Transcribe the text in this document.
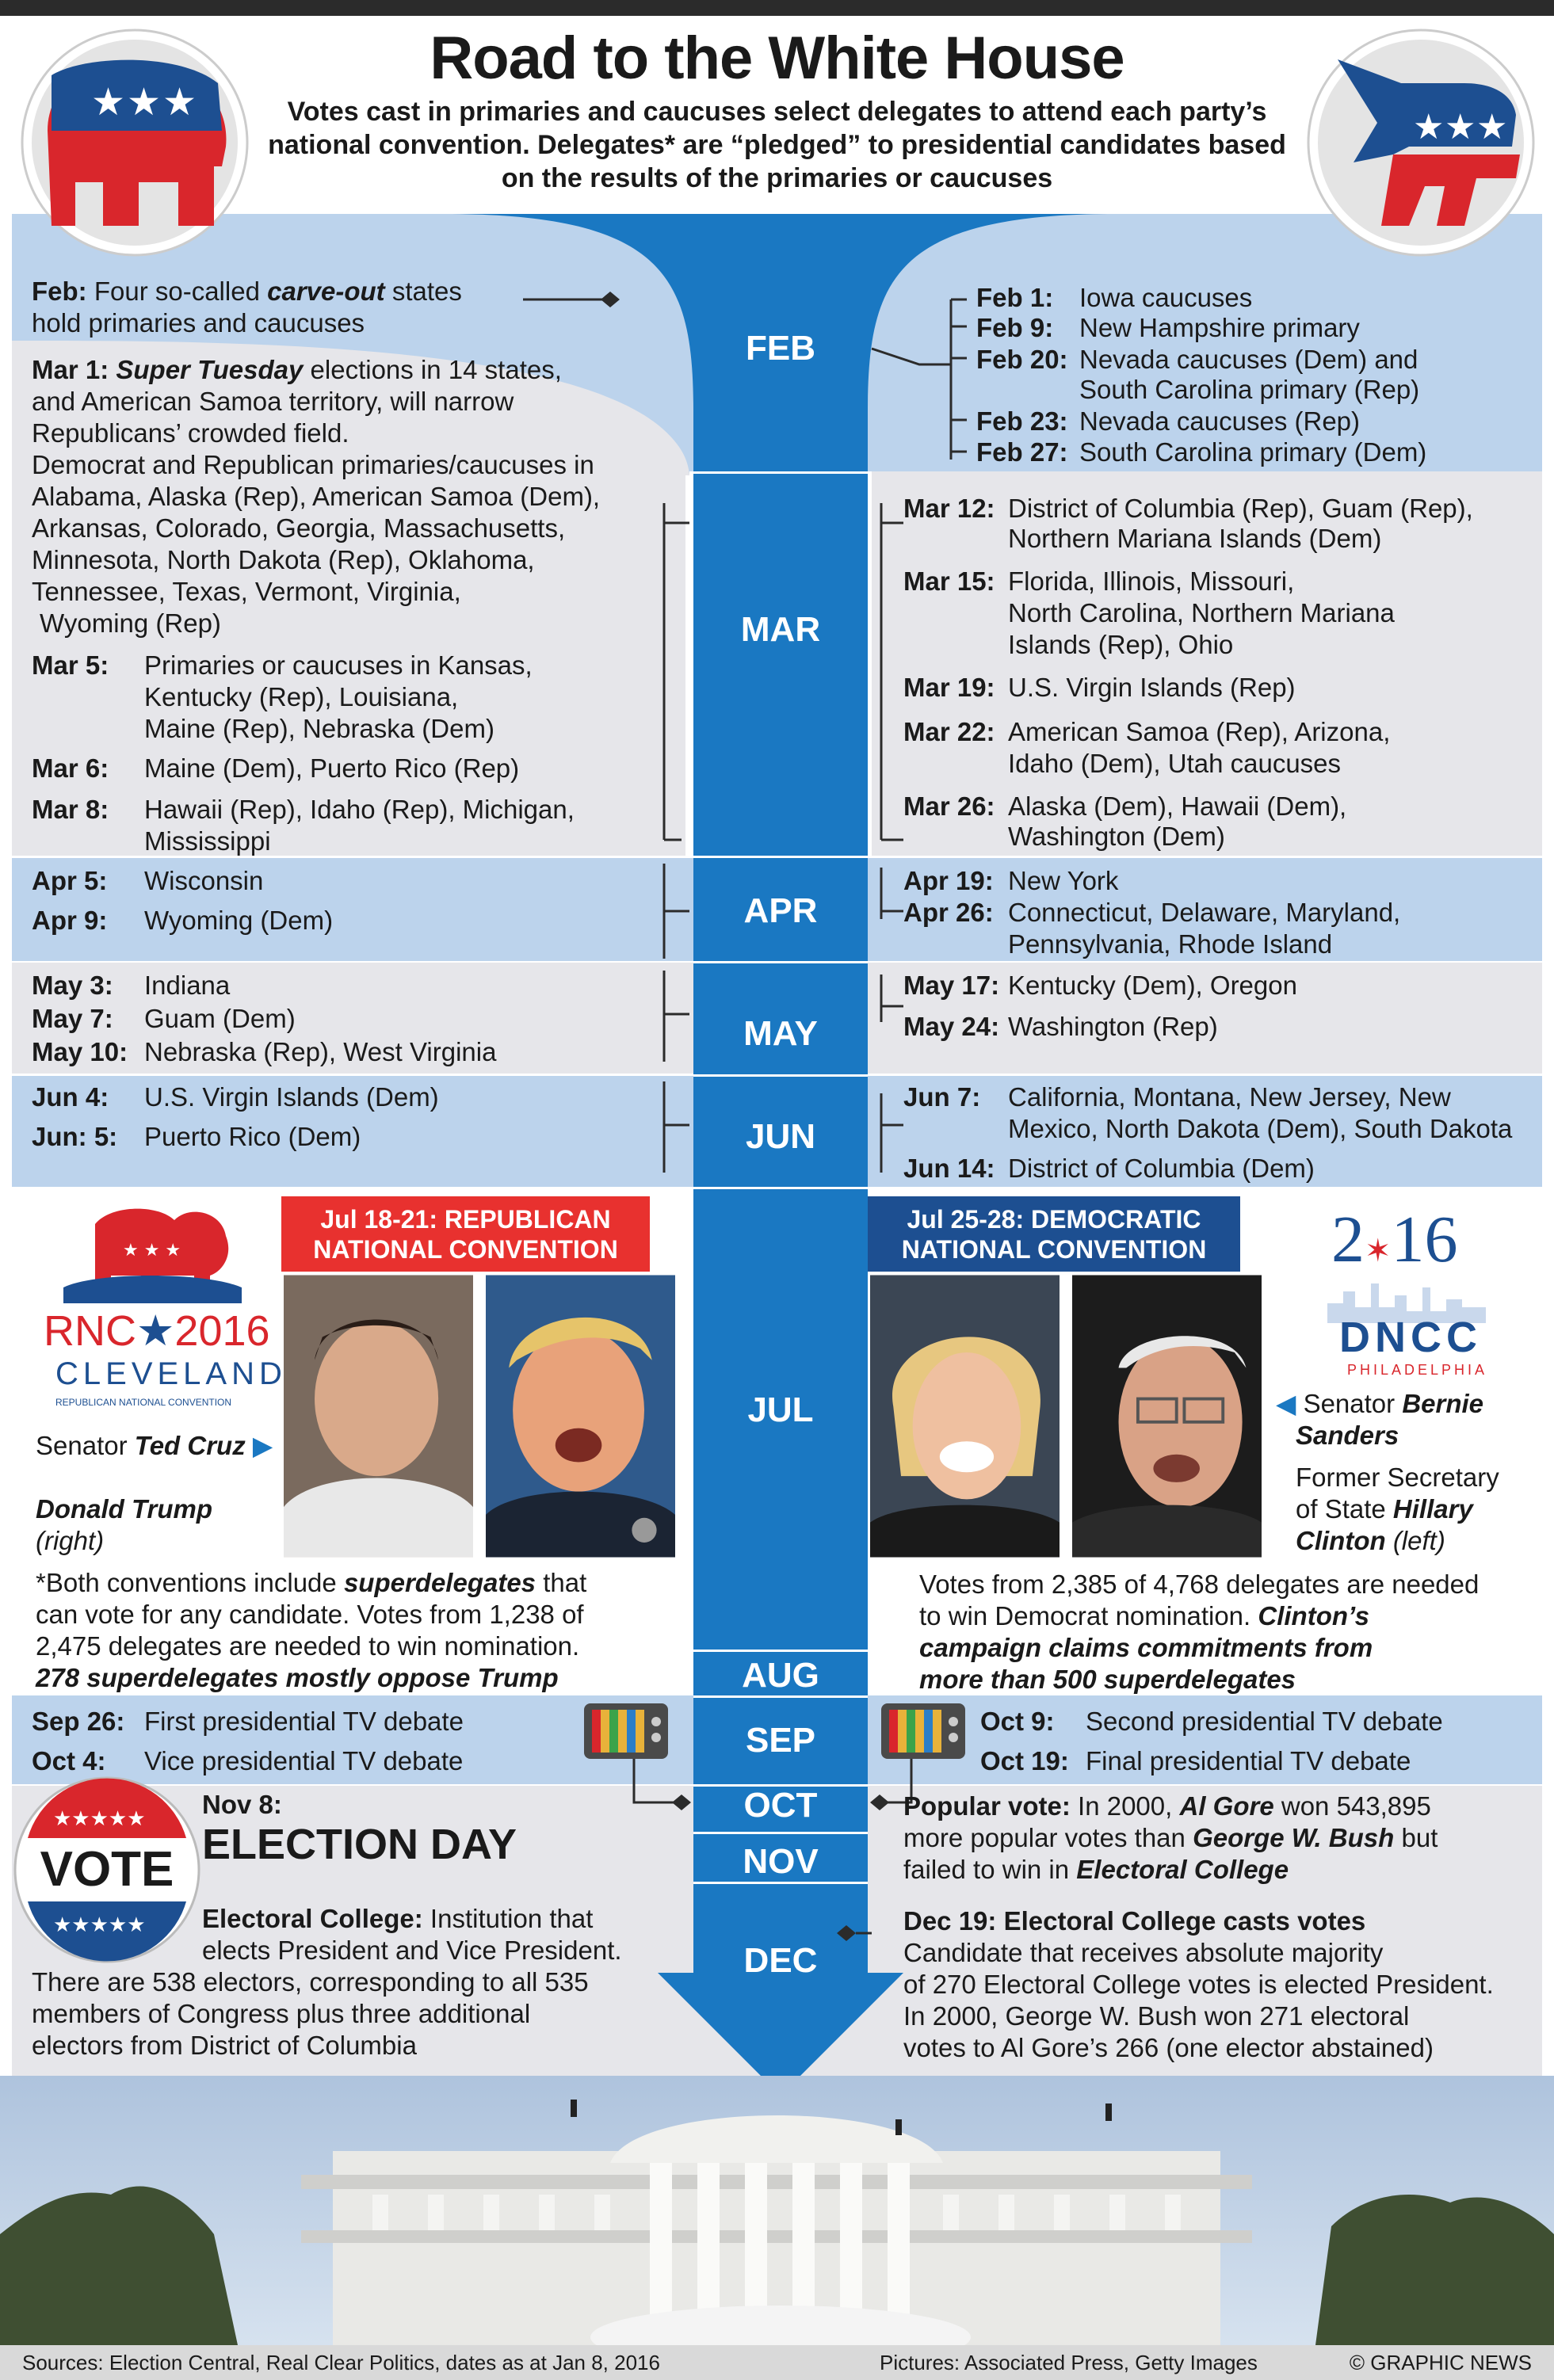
FEB
MAR
APR
MAY
JUN
JUL
AUG
SEP
OCT
NOV
DEC
Road to the White House
Votes cast in primaries and caucuses select delegates to attend each party’s national convention. Delegates* are “pledged” to presidential candidates based on the results of the primaries or caucuses
★ ★ ★
★ ★ ★
Feb: Four so-called carve-out states
hold primaries and caucuses
Mar 1: Super Tuesday elections in 14 states,
and American Samoa territory, will narrow
Republicans’ crowded field.
Democrat and Republican primaries/caucuses in
Alabama, Alaska (Rep), American Samoa (Dem),
Arkansas, Colorado, Georgia, Massachusetts,
Minnesota, North Dakota (Rep), Oklahoma,
Tennessee, Texas, Vermont, Virginia,
Wyoming (Rep)
Mar 5: Primaries or caucuses in Kansas,
Kentucky (Rep), Louisiana,
Maine (Rep), Nebraska (Dem)
Mar 6: Maine (Dem), Puerto Rico (Rep)
Mar 8: Hawaii (Rep), Idaho (Rep), Michigan,
Mississippi
Apr 5: Wisconsin
Apr 9: Wyoming (Dem)
May 3: Indiana
May 7: Guam (Dem)
May 10: Nebraska (Rep), West Virginia
Jun 4: U.S. Virgin Islands (Dem)
Jun: 5: Puerto Rico (Dem)
Feb 1: Iowa caucuses
Feb 9: New Hampshire primary
Feb 20: Nevada caucuses (Dem) and
South Carolina primary (Rep)
Feb 23: Nevada caucuses (Rep)
Feb 27: South Carolina primary (Dem)
Mar 12: District of Columbia (Rep), Guam (Rep),
Northern Mariana Islands (Dem)
Mar 15: Florida, Illinois, Missouri,
North Carolina, Northern Mariana
Islands (Rep), Ohio
Mar 19: U.S. Virgin Islands (Rep)
Mar 22: American Samoa (Rep), Arizona,
Idaho (Dem), Utah caucuses
Mar 26: Alaska (Dem), Hawaii (Dem),
Washington (Dem)
Apr 19: New York
Apr 26: Connecticut, Delaware, Maryland,
Pennsylvania, Rhode Island
May 17: Kentucky (Dem), Oregon
May 24: Washington (Rep)
Jun 7: California, Montana, New Jersey, New
Mexico, North Dakota (Dem), South Dakota
Jun 14: District of Columbia (Dem)
Jul 18-21: REPUBLICAN
NATIONAL CONVENTION
★ ★ ★
RNC★2016
CLEVELAND
REPUBLICAN NATIONAL CONVENTION
Senator Ted Cruz ▶
Donald Trump
(right)
*Both conventions include superdelegates that
can vote for any candidate. Votes from 1,238 of
2,475 delegates are needed to win nomination.
278 superdelegates mostly oppose Trump
Jul 25-28: DEMOCRATIC
NATIONAL CONVENTION	2✶16
DNCC
PHILADELPHIA
◀ Senator Bernie
Sanders
Former Secretary
of State Hillary
Clinton (left)
Votes from 2,385 of 4,768 delegates are needed
to win Democrat nomination. Clinton’s
campaign claims commitments from
more than 500 superdelegates
Sep 26: First presidential TV debate
Oct 4: Vice presidential TV debate
Oct 9: Second presidential TV debate
Oct 19: Final presidential TV debate
★★★★★
★★★★★
VOTE
Nov 8:
ELECTION DAY
Electoral College: Institution that
elects President and Vice President.
There are 538 electors, corresponding to all 535
members of Congress plus three additional
electors from District of Columbia
Popular vote: In 2000, Al Gore won 543,895
more popular votes than George W. Bush but
failed to win in Electoral College
Dec 19: Electoral College casts votes
Candidate that receives absolute majority
of 270 Electoral College votes is elected President.
In 2000, George W. Bush won 271 electoral
votes to Al Gore’s 266 (one elector abstained)
Sources: Election Central, Real Clear Politics, dates as at Jan 8, 2016	Pictures: Associated Press, Getty Images	© GRAPHIC NEWS
